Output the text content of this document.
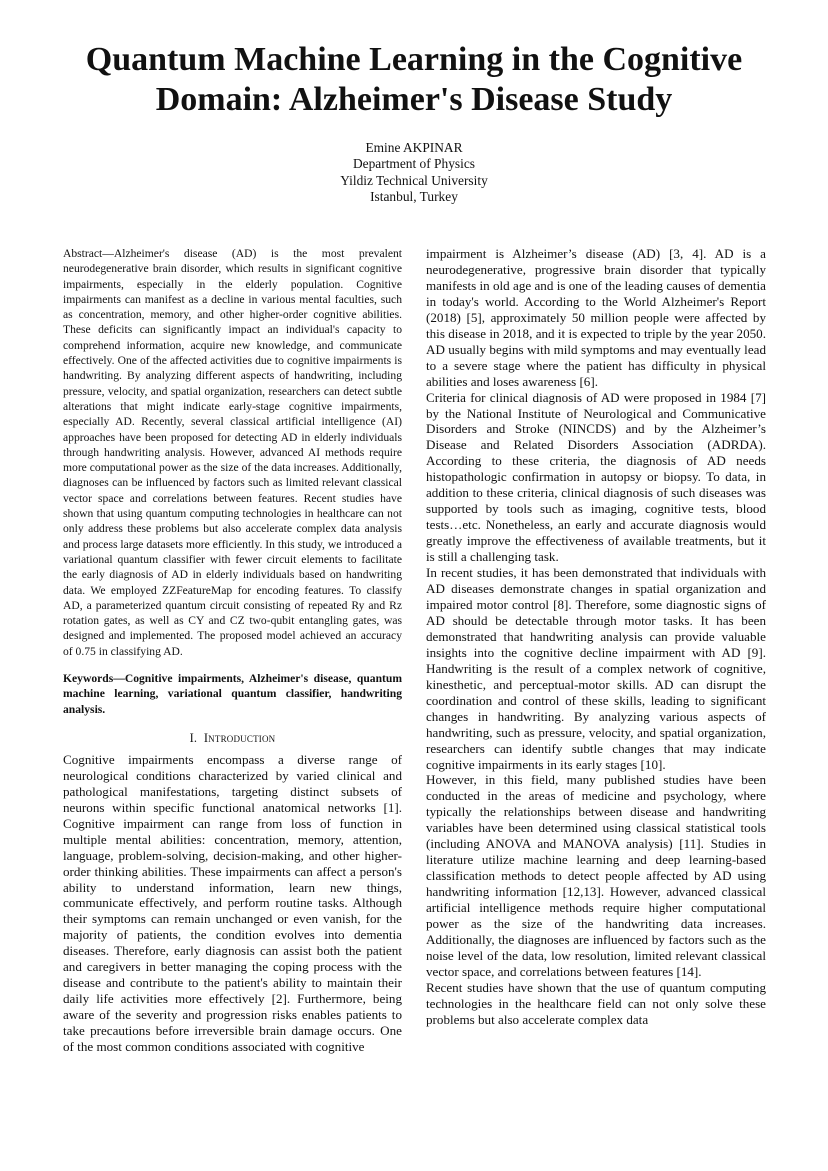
Quantum Machine Learning in the Cognitive Domain: Alzheimer's Disease Study
Emine AKPINAR
Department of Physics
Yildiz Technical University
Istanbul, Turkey

Abstract—Alzheimer's disease (AD) is the most prevalent neurodegenerative brain disorder, which results in significant cognitive impairments, especially in the elderly population. Cognitive impairments can manifest as a decline in various mental faculties, such as concentration, memory, and other higher-order cognitive abilities. These deficits can significantly impact an individual's capacity to comprehend information, acquire new knowledge, and communicate effectively. One of the affected activities due to cognitive impairments is handwriting. By analyzing different aspects of handwriting, including pressure, velocity, and spatial organization, researchers can detect subtle alterations that might indicate early-stage cognitive impairments, especially AD. Recently, several classical artificial intelligence (AI) approaches have been proposed for detecting AD in elderly individuals through handwriting analysis. However, advanced AI methods require more computational power as the size of the data increases. Additionally, diagnoses can be influenced by factors such as limited relevant classical vector space and correlations between features. Recent studies have shown that using quantum computing technologies in healthcare can not only address these problems but also accelerate complex data analysis and process large datasets more efficiently. In this study, we introduced a variational quantum classifier with fewer circuit elements to facilitate the early diagnosis of AD in elderly individuals based on handwriting data. We employed ZZFeatureMap for encoding features. To classify AD, a parameterized quantum circuit consisting of repeated Ry and Rz rotation gates, as well as CY and CZ two-qubit entangling gates, was designed and implemented. The proposed model achieved an accuracy of 0.75 in classifying AD.

Keywords—Cognitive impairments, Alzheimer's disease, quantum machine learning, variational quantum classifier, handwriting analysis.

I. Introduction

Cognitive impairments encompass a diverse range of neurological conditions characterized by varied clinical and pathological manifestations, targeting distinct subsets of neurons within specific functional anatomical networks [1]. Cognitive impairment can range from loss of function in multiple mental abilities: concentration, memory, attention, language, problem-solving, decision-making, and other higher-order thinking abilities. These impairments can affect a person's ability to understand information, learn new things, communicate effectively, and perform routine tasks. Although their symptoms can remain unchanged or even vanish, for the majority of patients, the condition evolves into dementia diseases. Therefore, early diagnosis can assist both the patient and caregivers in better managing the coping process with the disease and contribute to the patient's ability to maintain their daily life activities more effectively [2]. Furthermore, being aware of the severity and progression risks enables patients to take precautions before irreversible brain damage occurs. One of the most common conditions associated with cognitive

impairment is Alzheimer’s disease (AD) [3, 4]. AD is a neurodegenerative, progressive brain disorder that typically manifests in old age and is one of the leading causes of dementia in today's world. According to the World Alzheimer's Report (2018) [5], approximately 50 million people were affected by this disease in 2018, and it is expected to triple by the year 2050. AD usually begins with mild symptoms and may eventually lead to a severe stage where the patient has difficulty in physical abilities and loses awareness [6].

Criteria for clinical diagnosis of AD were proposed in 1984 [7] by the National Institute of Neurological and Communicative Disorders and Stroke (NINCDS) and by the Alzheimer’s Disease and Related Disorders Association (ADRDA). According to these criteria, the diagnosis of AD needs histopathologic confirmation in autopsy or biopsy. To data, in addition to these criteria, clinical diagnosis of such diseases was supported by tools such as imaging, cognitive tests, blood tests…etc. Nonetheless, an early and accurate diagnosis would greatly improve the effectiveness of available treatments, but it is still a challenging task.

In recent studies, it has been demonstrated that individuals with AD diseases demonstrate changes in spatial organization and impaired motor control [8]. Therefore, some diagnostic signs of AD should be detectable through motor tasks. It has been demonstrated that handwriting analysis can provide valuable insights into the cognitive decline impairment with AD [9]. Handwriting is the result of a complex network of cognitive, kinesthetic, and perceptual-motor skills. AD can disrupt the coordination and control of these skills, leading to significant changes in handwriting. By analyzing various aspects of handwriting, such as pressure, velocity, and spatial organization, researchers can identify subtle changes that may indicate cognitive impairments in its early stages [10].

However, in this field, many published studies have been conducted in the areas of medicine and psychology, where typically the relationships between disease and handwriting variables have been determined using classical statistical tools (including ANOVA and MANOVA analysis) [11]. Studies in literature utilize machine learning and deep learning-based classification methods to detect people affected by AD using handwriting information [12,13]. However, advanced classical artificial intelligence methods require higher computational power as the size of the handwriting data increases. Additionally, the diagnoses are influenced by factors such as the noise level of the data, low resolution, limited relevant classical vector space, and correlations between features [14].

Recent studies have shown that the use of quantum computing technologies in the healthcare field can not only solve these problems but also accelerate complex data
